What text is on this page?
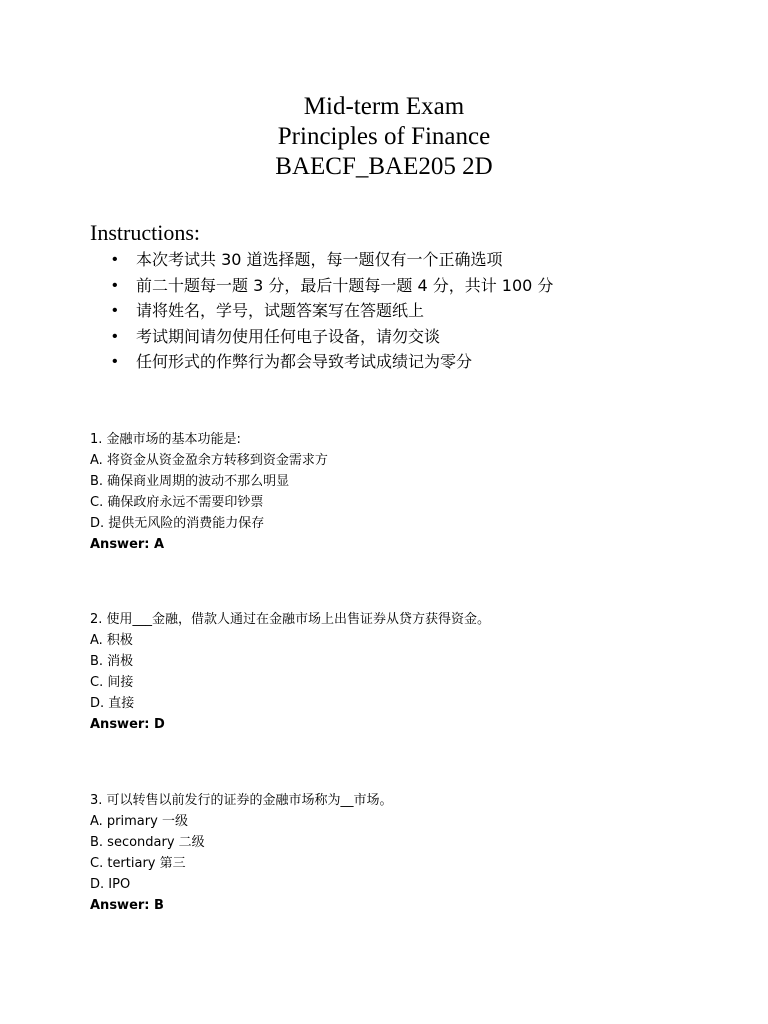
Mid-term Exam
Principles of Finance
BAECF_BAE205 2D
Instructions:
• 本次考试共 30 道选择题，每一题仅有一个正确选项
• 前二十题每一题 3 分，最后十题每一题 4 分，共计 100 分
• 请将姓名，学号，试题答案写在答题纸上
• 考试期间请勿使用任何电子设备，请勿交谈
• 任何形式的作弊行为都会导致考试成绩记为零分
1. 金融市场的基本功能是:
A. 将资金从资金盈余方转移到资金需求方
B. 确保商业周期的波动不那么明显
C. 确保政府永远不需要印钞票
D. 提供无风险的消费能力保存
Answer: A
2. 使用___金融，借款人通过在金融市场上出售证券从贷方获得资金。
A. 积极
B. 消极
C. 间接
D. 直接
Answer: D
3. 可以转售以前发行的证券的金融市场称为__市场。
A. primary 一级
B. secondary 二级
C. tertiary 第三
D. IPO
Answer: B
